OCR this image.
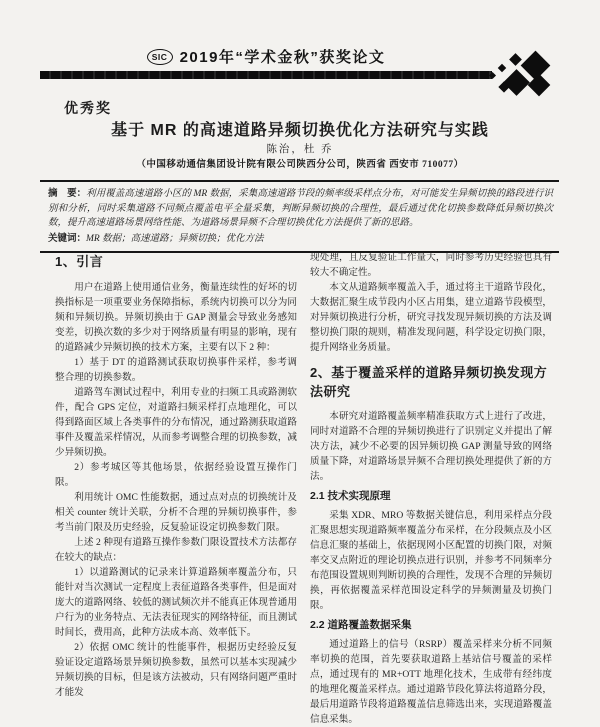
SIC 2019年“学术金秋”获奖论文
优秀奖
基于 MR 的高速道路异频切换优化方法研究与实践
陈治，杜 乔
（中国移动通信集团设计院有限公司陕西分公司，陕西省 西安市 710077）

摘　要：利用覆盖高速道路小区的 MR 数据，采集高速道路节段的频率级采样点分布，对可能发生异频切换的路段进行识别和分析，同时采集道路不同频点覆盖电平全量采集，判断异频切换的合理性，最后通过优化切换参数降低异频切换次数，提升高速道路场景网络性能、为道路场景异频不合理切换优化方法提供了新的思路。

关键词：MR 数据；高速道路；异频切换；优化方法

1、引言

用户在道路上使用通信业务，衡量连续性的好坏的切换指标是一项重要业务保障指标，系统内切换可以分为同频和异频切换。异频切换由于 GAP 测量会导致业务感知变差，切换次数的多少对于网络质量有明显的影响，现有的道路减少异频切换的技术方案，主要有以下 2 种：

1）基于 DT 的道路测试获取切换事件采样，参考调整合理的切换参数。

道路驾车测试过程中，利用专业的扫频工具或路测软件，配合 GPS 定位，对道路扫频采样打点地理化，可以得到路面区域上各类事件的分布情况，通过路测获取道路事件及覆盖采样情况，从而参考调整合理的切换参数，减少异频切换。

2）参考城区等其他场景，依据经验设置互操作门限。

利用统计 OMC 性能数据，通过点对点的切换统计及相关 counter 统计关联，分析不合理的异频切换事件，参考当前门限及历史经验，反复验证设定切换参数门限。

上述 2 种现有道路互操作参数门限设置技术方法都存在较大的缺点：

1）以道路测试的记录来计算道路频率覆盖分布，只能针对当次测试一定程度上表征道路各类事件，但是面对庞大的道路网络、较低的测试频次并不能真正体现普通用户行为的业务特点、无法表征现实的网络特征，而且测试时间长，费用高，此种方法成本高、效率低下。

2）依据 OMC 统计的性能事件，根据历史经验反复验证设定道路场景异频切换参数，虽然可以基本实现减少异频切换的目标，但是该方法被动，只有网络问题严重时才能发

现处理，且反复验证工作量大，同时参考历史经验也具有较大不确定性。

本文从道路频率覆盖入手，通过将主干道路节段化，大数据汇聚生成节段内小区占用集，建立道路节段模型，对异频切换进行分析，研究寻找发现异频切换的方法及调整切换门限的规则，精准发现问题，科学设定切换门限，提升网络业务质量。

2、基于覆盖采样的道路异频切换发现方法研究

本研究对道路覆盖频率精准获取方式上进行了改进，同时对道路不合理的异频切换进行了识别定义并提出了解决方法，减少不必要的因异频切换 GAP 测量导致的网络质量下降，对道路场景异频不合理切换处理提供了新的方法。

2.1 技术实现原理

采集 XDR、MRO 等数据关键信息，利用采样点分段汇聚思想实现道路频率覆盖分布采样，在分段频点及小区信息汇聚的基础上，依据现网小区配置的切换门限，对频率交叉点附近的理论切换点进行识别，并参考不同频率分布范围设置规则判断切换的合理性，发现不合理的异频切换，再依据覆盖采样范围设定科学的异频测量及切换门限。

2.2 道路覆盖数据采集

通过道路上的信号（RSRP）覆盖采样来分析不同频率切换的范围，首先要获取道路上基站信号覆盖的采样点，通过现有的 MR+OTT 地理化技术，生成带有经纬度的地理化覆盖采样点。通过道路节段化算法将道路分段，最后用道路节段将道路覆盖信息筛选出来，实现道路覆盖信息采集。
